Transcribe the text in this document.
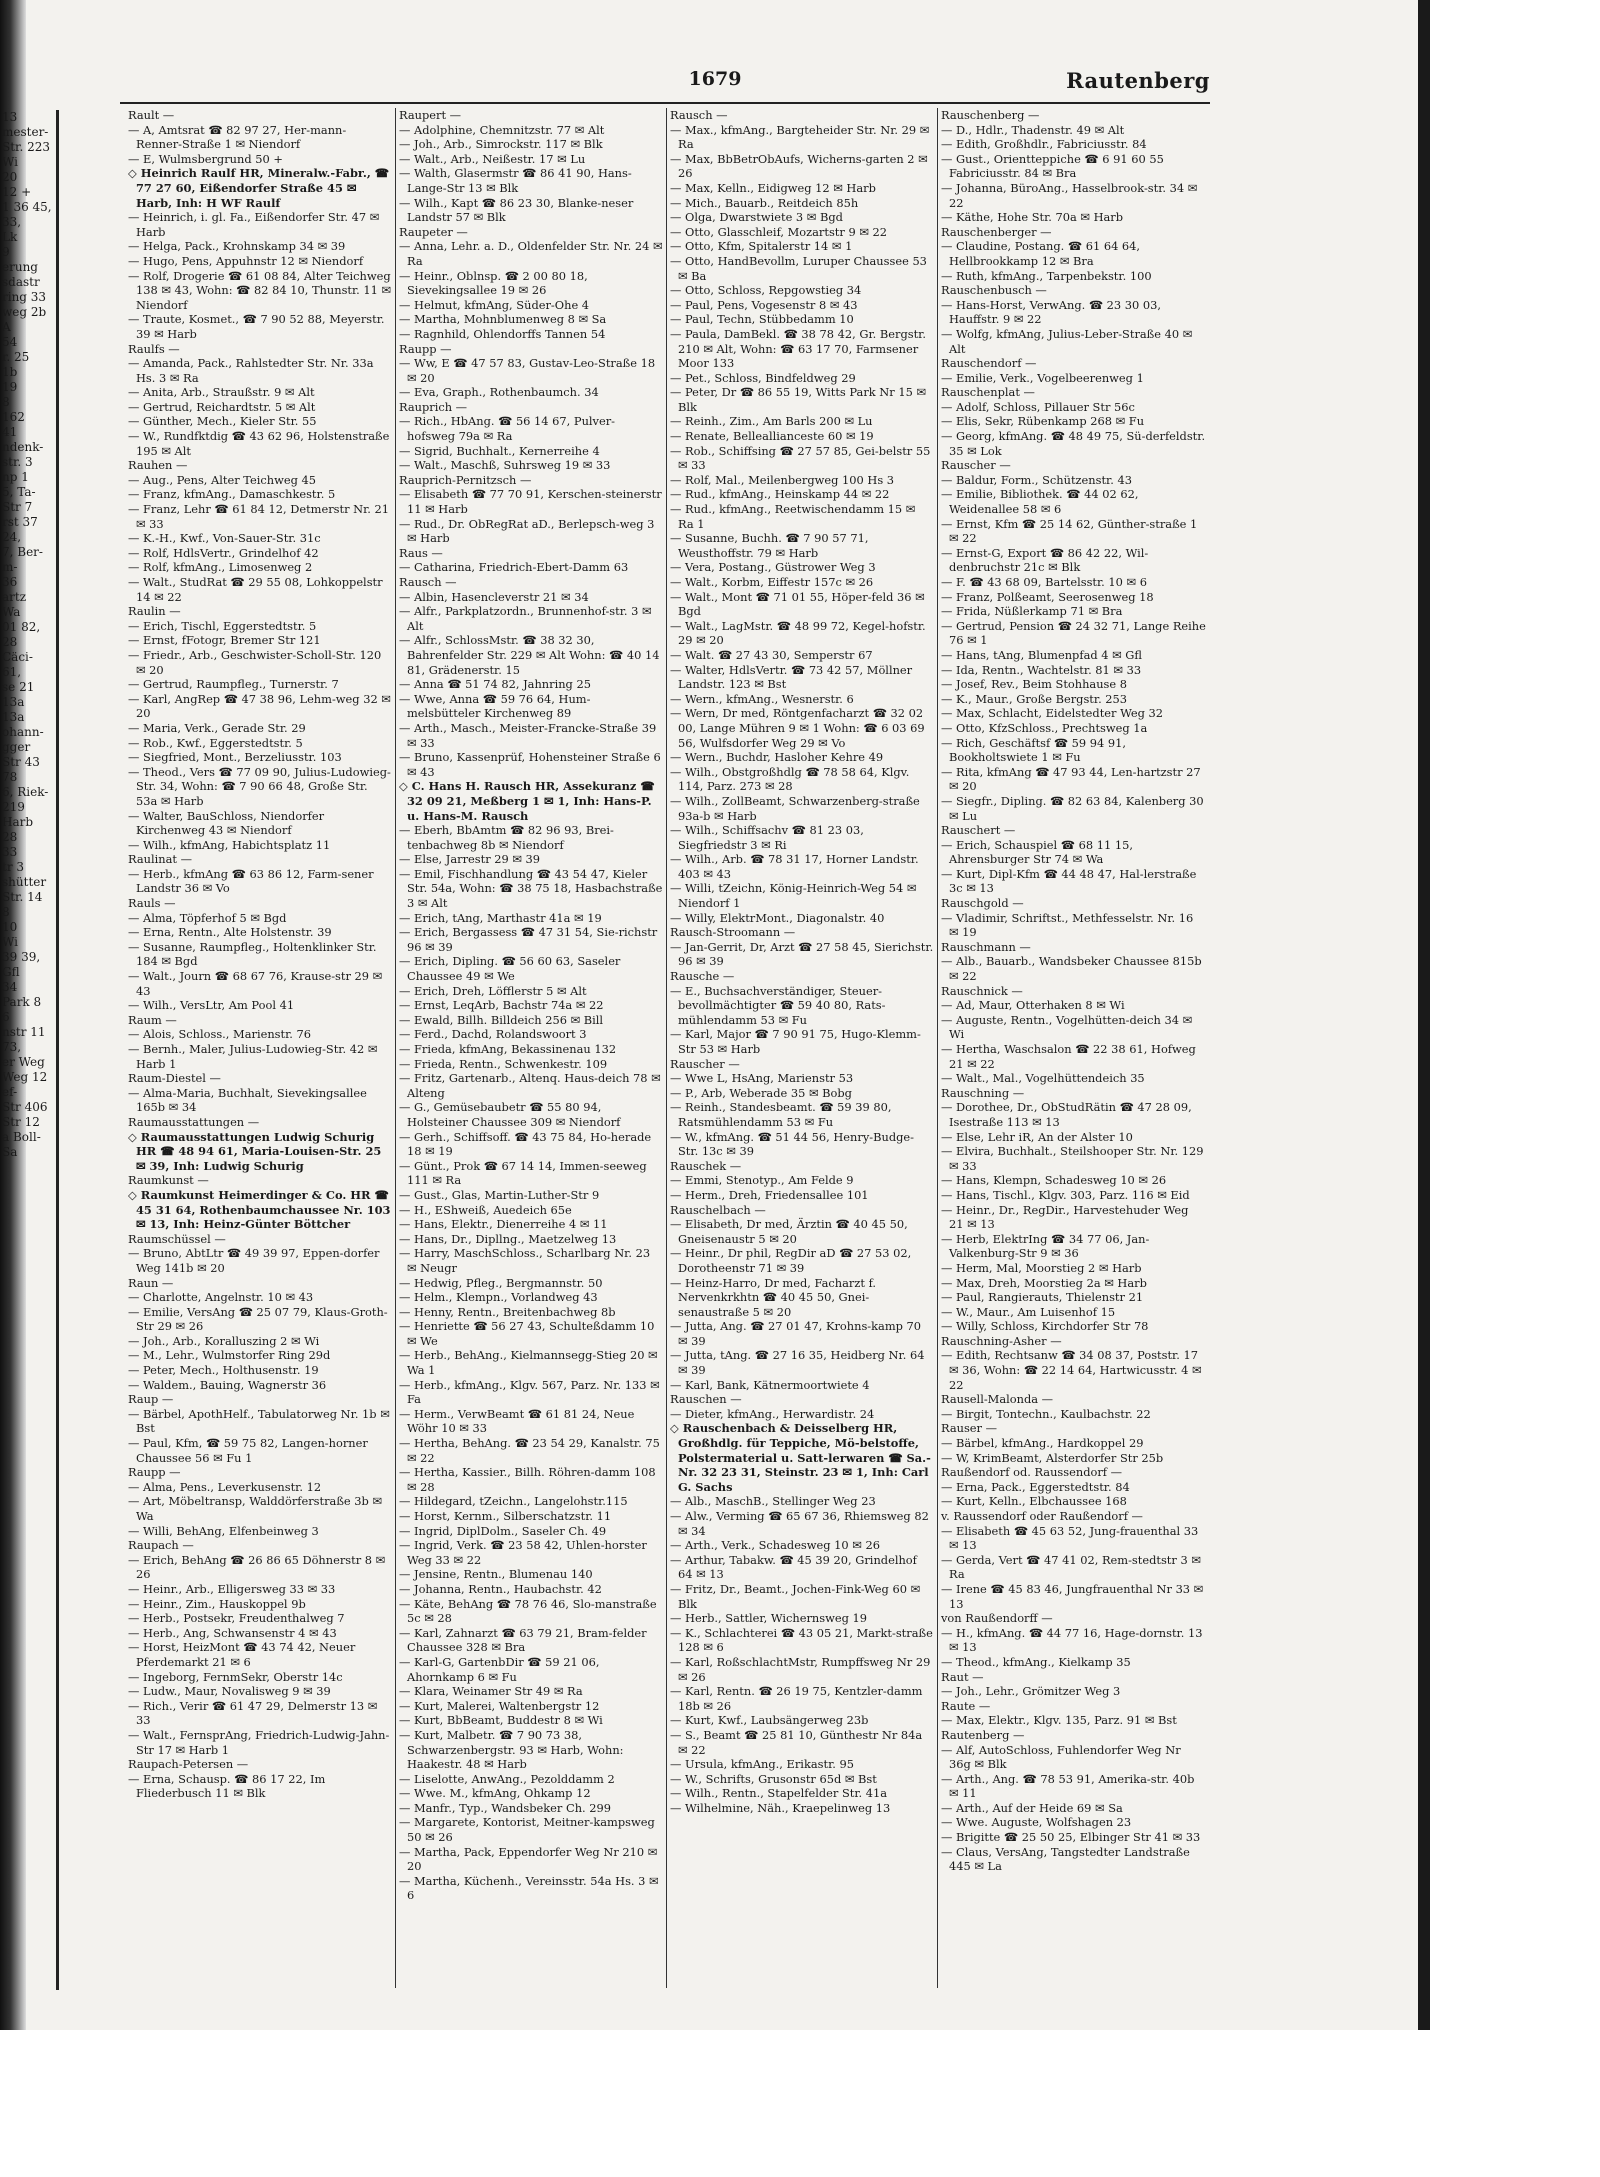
13
mester-
Str. 223
Wi
20
12 +
1 36 45,
33,
Lk
9
erung
sdastr
ring 33
weg 2b
A
54
r. 25
1b
19
8
162
41
ndenk-
str. 3
np 1
5, Ta-
Str 7
rst 37
24,
7, Ber-
m-
36
artz
Wa
01 82,
28
Cäci-
61,
se 21
13a
13a
ohann-
gger
Str 43
78
6, Riek-
219
Harb
28
33
tr 3
shütter
Str. 14
8
10
Wi
39 39,
Gfl
34
Park 8
6
nstr 11
73,
er Weg
Weg 12
ef-
Str 406
Str 12
a Boll-
Sa
1679	Rautenberg

Rault —

— A, Amtsrat ☎ 82 97 27, Her-mann-Renner-Straße 1 ✉ Niendorf

— E, Wulmsbergrund 50 +

◇ Heinrich Raulf HR, Mineralw.-Fabr., ☎ 77 27 60, Eißendorfer Straße 45 ✉ Harb, Inh: H WF Raulf

— Heinrich, i. gl. Fa., Eißendorfer Str. 47 ✉ Harb

— Helga, Pack., Krohnskamp 34 ✉ 39

— Hugo, Pens, Appuhnstr 12 ✉ Niendorf

— Rolf, Drogerie ☎ 61 08 84, Alter Teichweg 138 ✉ 43, Wohn: ☎ 82 84 10, Thunstr. 11 ✉ Niendorf

— Traute, Kosmet., ☎ 7 90 52 88, Meyerstr. 39 ✉ Harb

Raulfs —

— Amanda, Pack., Rahlstedter Str. Nr. 33a Hs. 3 ✉ Ra

— Anita, Arb., Straußstr. 9 ✉ Alt

— Gertrud, Reichardtstr. 5 ✉ Alt

— Günther, Mech., Kieler Str. 55

— W., Rundfktdig ☎ 43 62 96, Holstenstraße 195 ✉ Alt

Rauhen —

— Aug., Pens, Alter Teichweg 45

— Franz, kfmAng., Damaschkestr. 5

— Franz, Lehr ☎ 61 84 12, Detmerstr Nr. 21 ✉ 33

— K.-H., Kwf., Von-Sauer-Str. 31c

— Rolf, HdlsVertr., Grindelhof 42

— Rolf, kfmAng., Limosenweg 2

— Walt., StudRat ☎ 29 55 08, Lohkoppelstr 14 ✉ 22

Raulin —

— Erich, Tischl, Eggerstedtstr. 5

— Ernst, fFotogr, Bremer Str 121

— Friedr., Arb., Geschwister-Scholl-Str. 120 ✉ 20

— Gertrud, Raumpfleg., Turnerstr. 7

— Karl, AngRep ☎ 47 38 96, Lehm-weg 32 ✉ 20

— Maria, Verk., Gerade Str. 29

— Rob., Kwf., Eggerstedtstr. 5

— Siegfried, Mont., Berzeliusstr. 103

— Theod., Vers ☎ 77 09 90, Julius-Ludowieg-Str. 34, Wohn: ☎ 7 90 66 48, Große Str. 53a ✉ Harb

— Walter, BauSchloss, Niendorfer Kirchenweg 43 ✉ Niendorf

— Wilh., kfmAng, Habichtsplatz 11

Raulinat —

— Herb., kfmAng ☎ 63 86 12, Farm-sener Landstr 36 ✉ Vo

Rauls —

— Alma, Töpferhof 5 ✉ Bgd

— Erna, Rentn., Alte Holstenstr. 39

— Susanne, Raumpfleg., Holtenklinker Str. 184 ✉ Bgd

— Walt., Journ ☎ 68 67 76, Krause-str 29 ✉ 43

— Wilh., VersLtr, Am Pool 41

Raum —

— Alois, Schloss., Marienstr. 76

— Bernh., Maler, Julius-Ludowieg-Str. 42 ✉ Harb 1

Raum-Diestel —

— Alma-Maria, Buchhalt, Sievekingsallee 165b ✉ 34

Raumausstattungen —

◇ Raumausstattungen Ludwig Schurig HR ☎ 48 94 61, Maria-Louisen-Str. 25 ✉ 39, Inh: Ludwig Schurig

Raumkunst —

◇ Raumkunst Heimerdinger & Co. HR ☎ 45 31 64, Rothenbaumchaussee Nr. 103 ✉ 13, Inh: Heinz-Günter Böttcher

Raumschüssel —

— Bruno, AbtLtr ☎ 49 39 97, Eppen-dorfer Weg 141b ✉ 20

Raun —

— Charlotte, Angelnstr. 10 ✉ 43

— Emilie, VersAng ☎ 25 07 79, Klaus-Groth-Str 29 ✉ 26

— Joh., Arb., Koralluszing 2 ✉ Wi

— M., Lehr., Wulmstorfer Ring 29d

— Peter, Mech., Holthusenstr. 19

— Waldem., Bauing, Wagnerstr 36

Raup —

— Bärbel, ApothHelf., Tabulatorweg Nr. 1b ✉ Bst

— Paul, Kfm, ☎ 59 75 82, Langen-horner Chaussee 56 ✉ Fu 1

Raupp —

— Alma, Pens., Leverkusenstr. 12

— Art, Möbeltransp, Walddörferstraße 3b ✉ Wa

— Willi, BehAng, Elfenbeinweg 3

Raupach —

— Erich, BehAng ☎ 26 86 65 Döhnerstr 8 ✉ 26

— Heinr., Arb., Elligersweg 33 ✉ 33

— Heinr., Zim., Hauskoppel 9b

— Herb., Postsekr, Freudenthalweg 7

— Herb., Ang, Schwansenstr 4 ✉ 43

— Horst, HeizMont ☎ 43 74 42, Neuer Pferdemarkt 21 ✉ 6

— Ingeborg, FernmSekr, Oberstr 14c

— Ludw., Maur, Novalisweg 9 ✉ 39

— Rich., Verir ☎ 61 47 29, Delmerstr 13 ✉ 33

— Walt., FernsprAng, Friedrich-Ludwig-Jahn-Str 17 ✉ Harb 1

Raupach-Petersen —

— Erna, Schausp. ☎ 86 17 22, Im Fliederbusch 11 ✉ Blk

Raupert —

— Adolphine, Chemnitzstr. 77 ✉ Alt

— Joh., Arb., Simrockstr. 117 ✉ Blk

— Walt., Arb., Neißestr. 17 ✉ Lu

— Walth, Glasermstr ☎ 86 41 90, Hans-Lange-Str 13 ✉ Blk

— Wilh., Kapt ☎ 86 23 30, Blanke-neser Landstr 57 ✉ Blk

Raupeter —

— Anna, Lehr. a. D., Oldenfelder Str. Nr. 24 ✉ Ra

— Heinr., Oblnsp. ☎ 2 00 80 18, Sievekingsallee 19 ✉ 26

— Helmut, kfmAng, Süder-Ohe 4

— Martha, Mohnblumenweg 8 ✉ Sa

— Ragnhild, Ohlendorffs Tannen 54

Raupp —

— Ww, E ☎ 47 57 83, Gustav-Leo-Straße 18 ✉ 20

— Eva, Graph., Rothenbaumch. 34

Rauprich —

— Rich., HbAng. ☎ 56 14 67, Pulver-hofsweg 79a ✉ Ra

— Sigrid, Buchhalt., Kernerreihe 4

— Walt., Maschß, Suhrsweg 19 ✉ 33

Rauprich-Pernitzsch —

— Elisabeth ☎ 77 70 91, Kerschen-steinerstr 11 ✉ Harb

— Rud., Dr. ObRegRat aD., Berlepsch-weg 3 ✉ Harb

Raus —

— Catharina, Friedrich-Ebert-Damm 63

Rausch —

— Albin, Hasencleverstr 21 ✉ 34

— Alfr., Parkplatzordn., Brunnenhof-str. 3 ✉ Alt

— Alfr., SchlossMstr. ☎ 38 32 30, Bahrenfelder Str. 229 ✉ Alt Wohn: ☎ 40 14 81, Grädenerstr. 15

— Anna ☎ 51 74 82, Jahnring 25

— Wwe, Anna ☎ 59 76 64, Hum-melsbütteler Kirchenweg 89

— Arth., Masch., Meister-Francke-Straße 39 ✉ 33

— Bruno, Kassenprüf, Hohensteiner Straße 6 ✉ 43

◇ C. Hans H. Rausch HR, Assekuranz ☎ 32 09 21, Meßberg 1 ✉ 1, Inh: Hans-P. u. Hans-M. Rausch

— Eberh, BbAmtm ☎ 82 96 93, Brei-tenbachweg 8b ✉ Niendorf

— Else, Jarrestr 29 ✉ 39

— Emil, Fischhandlung ☎ 43 54 47, Kieler Str. 54a, Wohn: ☎ 38 75 18, Hasbachstraße 3 ✉ Alt

— Erich, tAng, Marthastr 41a ✉ 19

— Erich, Bergassess ☎ 47 31 54, Sie-richstr 96 ✉ 39

— Erich, Dipling. ☎ 56 60 63, Saseler Chaussee 49 ✉ We

— Erich, Dreh, Löfflerstr 5 ✉ Alt

— Ernst, LeqArb, Bachstr 74a ✉ 22

— Ewald, Billh. Billdeich 256 ✉ Bill

— Ferd., Dachd, Rolandswoort 3

— Frieda, kfmAng, Bekassinenau 132

— Frieda, Rentn., Schwenkestr. 109

— Fritz, Gartenarb., Altenq. Haus-deich 78 ✉ Alteng

— G., Gemüsebaubetr ☎ 55 80 94, Holsteiner Chaussee 309 ✉ Niendorf

— Gerh., Schiffsoff. ☎ 43 75 84, Ho-herade 18 ✉ 19

— Günt., Prok ☎ 67 14 14, Immen-seeweg 111 ✉ Ra

— Gust., Glas, Martin-Luther-Str 9

— H., EShweiß, Auedeich 65e

— Hans, Elektr., Dienerreihe 4 ✉ 11

— Hans, Dr., Dipllng., Maetzelweg 13

— Harry, MaschSchloss., Scharlbarg Nr. 23 ✉ Neugr

— Hedwig, Pfleg., Bergmannstr. 50

— Helm., Klempn., Vorlandweg 43

— Henny, Rentn., Breitenbachweg 8b

— Henriette ☎ 56 27 43, Schulteßdamm 10 ✉ We

— Herb., BehAng., Kielmannsegg-Stieg 20 ✉ Wa 1

— Herb., kfmAng., Klgv. 567, Parz. Nr. 133 ✉ Fa

— Herm., VerwBeamt ☎ 61 81 24, Neue Wöhr 10 ✉ 33

— Hertha, BehAng. ☎ 23 54 29, Kanalstr. 75 ✉ 22

— Hertha, Kassier., Billh. Röhren-damm 108 ✉ 28

— Hildegard, tZeichn., Langelohstr.115

— Horst, Kernm., Silberschatzstr. 11

— Ingrid, DiplDolm., Saseler Ch. 49

— Ingrid, Verk. ☎ 23 58 42, Uhlen-horster Weg 33 ✉ 22

— Jensine, Rentn., Blumenau 140

— Johanna, Rentn., Haubachstr. 42

— Käte, BehAng ☎ 78 76 46, Slo-manstraße 5c ✉ 28

— Karl, Zahnarzt ☎ 63 79 21, Bram-felder Chaussee 328 ✉ Bra

— Karl-G, GartenbDir ☎ 59 21 06, Ahornkamp 6 ✉ Fu

— Klara, Weinamer Str 49 ✉ Ra

— Kurt, Malerei, Waltenbergstr 12

— Kurt, BbBeamt, Buddestr 8 ✉ Wi

— Kurt, Malbetr. ☎ 7 90 73 38, Schwarzenbergstr. 93 ✉ Harb, Wohn: Haakestr. 48 ✉ Harb

— Liselotte, AnwAng., Pezolddamm 2

— Wwe. M., kfmAng, Ohkamp 12

— Manfr., Typ., Wandsbeker Ch. 299

— Margarete, Kontorist, Meitner-kampsweg 50 ✉ 26

— Martha, Pack, Eppendorfer Weg Nr 210 ✉ 20

— Martha, Küchenh., Vereinsstr. 54a Hs. 3 ✉ 6

Rausch —

— Max., kfmAng., Bargteheider Str. Nr. 29 ✉ Ra

— Max, BbBetrObAufs, Wicherns-garten 2 ✉ 26

— Max, Kelln., Eidigweg 12 ✉ Harb

— Mich., Bauarb., Reitdeich 85h

— Olga, Dwarstwiete 3 ✉ Bgd

— Otto, Glasschleif, Mozartstr 9 ✉ 22

— Otto, Kfm, Spitalerstr 14 ✉ 1

— Otto, HandBevollm, Luruper Chaussee 53 ✉ Ba

— Otto, Schloss, Repgowstieg 34

— Paul, Pens, Vogesenstr 8 ✉ 43

— Paul, Techn, Stübbedamm 10

— Paula, DamBekl. ☎ 38 78 42, Gr. Bergstr. 210 ✉ Alt, Wohn: ☎ 63 17 70, Farmsener Moor 133

— Pet., Schloss, Bindfeldweg 29

— Peter, Dr ☎ 86 55 19, Witts Park Nr 15 ✉ Blk

— Reinh., Zim., Am Barls 200 ✉ Lu

— Renate, Belleallianceste 60 ✉ 19

— Rob., Schiffsing ☎ 27 57 85, Gei-belstr 55 ✉ 33

— Rolf, Mal., Meilenbergweg 100 Hs 3

— Rud., kfmAng., Heinskamp 44 ✉ 22

— Rud., kfmAng., Reetwischendamm 15 ✉ Ra 1

— Susanne, Buchh. ☎ 7 90 57 71, Weusthoffstr. 79 ✉ Harb

— Vera, Postang., Güstrower Weg 3

— Walt., Korbm, Eiffestr 157c ✉ 26

— Walt., Mont ☎ 71 01 55, Höper-feld 36 ✉ Bgd

— Walt., LagMstr. ☎ 48 99 72, Kegel-hofstr. 29 ✉ 20

— Walt. ☎ 27 43 30, Semperstr 67

— Walter, HdlsVertr. ☎ 73 42 57, Möllner Landstr. 123 ✉ Bst

— Wern., kfmAng., Wesnerstr. 6

— Wern, Dr med, Röntgenfacharzt ☎ 32 02 00, Lange Mühren 9 ✉ 1 Wohn: ☎ 6 03 69 56, Wulfsdorfer Weg 29 ✉ Vo

— Wern., Buchdr, Hasloher Kehre 49

— Wilh., Obstgroßhdlg ☎ 78 58 64, Klgv. 114, Parz. 273 ✉ 28

— Wilh., ZollBeamt, Schwarzenberg-straße 93a-b ✉ Harb

— Wilh., Schiffsachv ☎ 81 23 03, Siegfriedstr 3 ✉ Ri

— Wilh., Arb. ☎ 78 31 17, Horner Landstr. 403 ✉ 43

— Willi, tZeichn, König-Heinrich-Weg 54 ✉ Niendorf 1

— Willy, ElektrMont., Diagonalstr. 40

Rausch-Stroomann —

— Jan-Gerrit, Dr, Arzt ☎ 27 58 45, Sierichstr. 96 ✉ 39

Rausche —

— E., Buchsachverständiger, Steuer-bevollmächtigter ☎ 59 40 80, Rats-mühlendamm 53 ✉ Fu

— Karl, Major ☎ 7 90 91 75, Hugo-Klemm-Str 53 ✉ Harb

Rauscher —

— Wwe L, HsAng, Marienstr 53

— P., Arb, Weberade 35 ✉ Bobg

— Reinh., Standesbeamt. ☎ 59 39 80, Ratsmühlendamm 53 ✉ Fu

— W., kfmAng. ☎ 51 44 56, Henry-Budge-Str. 13c ✉ 39

Rauschek —

— Emmi, Stenotyp., Am Felde 9

— Herm., Dreh, Friedensallee 101

Rauschelbach —

— Elisabeth, Dr med, Ärztin ☎ 40 45 50, Gneisenaustr 5 ✉ 20

— Heinr., Dr phil, RegDir aD ☎ 27 53 02, Dorotheenstr 71 ✉ 39

— Heinz-Harro, Dr med, Facharzt f. Nervenkrkhtn ☎ 40 45 50, Gnei-senaustraße 5 ✉ 20

— Jutta, Ang. ☎ 27 01 47, Krohns-kamp 70 ✉ 39

— Jutta, tAng. ☎ 27 16 35, Heidberg Nr. 64 ✉ 39

— Karl, Bank, Kätnermoortwiete 4

Rauschen —

— Dieter, kfmAng., Herwardistr. 24

◇ Rauschenbach & Deisselberg HR, Großhdlg. für Teppiche, Mö-belstoffe, Polstermaterial u. Satt-lerwaren ☎ Sa.-Nr. 32 23 31, Steinstr. 23 ✉ 1, Inh: Carl G. Sachs

— Alb., MaschB., Stellinger Weg 23

— Alw., Verming ☎ 65 67 36, Rhiemsweg 82 ✉ 34

— Arth., Verk., Schadesweg 10 ✉ 26

— Arthur, Tabakw. ☎ 45 39 20, Grindelhof 64 ✉ 13

— Fritz, Dr., Beamt., Jochen-Fink-Weg 60 ✉ Blk

— Herb., Sattler, Wichernsweg 19

— K., Schlachterei ☎ 43 05 21, Markt-straße 128 ✉ 6

— Karl, RoßschlachtMstr, Rumpffsweg Nr 29 ✉ 26

— Karl, Rentn. ☎ 26 19 75, Kentzler-damm 18b ✉ 26

— Kurt, Kwf., Laubsängerweg 23b

— S., Beamt ☎ 25 81 10, Günthestr Nr 84a ✉ 22

— Ursula, kfmAng., Erikastr. 95

— W., Schrifts, Grusonstr 65d ✉ Bst

— Wilh., Rentn., Stapelfelder Str. 41a

— Wilhelmine, Näh., Kraepelinweg 13

Rauschenberg —

— D., Hdlr., Thadenstr. 49 ✉ Alt

— Edith, Großhdlr., Fabriciusstr. 84

— Gust., Orientteppiche ☎ 6 91 60 55 Fabriciusstr. 84 ✉ Bra

— Johanna, BüroAng., Hasselbrook-str. 34 ✉ 22

— Käthe, Hohe Str. 70a ✉ Harb

Rauschenberger —

— Claudine, Postang. ☎ 61 64 64, Hellbrookkamp 12 ✉ Bra

— Ruth, kfmAng., Tarpenbekstr. 100

Rauschenbusch —

— Hans-Horst, VerwAng. ☎ 23 30 03, Hauffstr. 9 ✉ 22

— Wolfg, kfmAng, Julius-Leber-Straße 40 ✉ Alt

Rauschendorf —

— Emilie, Verk., Vogelbeerenweg 1

Rauschenplat —

— Adolf, Schloss, Pillauer Str 56c

— Elis, Sekr, Rübenkamp 268 ✉ Fu

— Georg, kfmAng. ☎ 48 49 75, Sü-derfeldstr. 35 ✉ Lok

Rauscher —

— Baldur, Form., Schützenstr. 43

— Emilie, Bibliothek. ☎ 44 02 62, Weidenallee 58 ✉ 6

— Ernst, Kfm ☎ 25 14 62, Günther-straße 1 ✉ 22

— Ernst-G, Export ☎ 86 42 22, Wil-denbruchstr 21c ✉ Blk

— F. ☎ 43 68 09, Bartelsstr. 10 ✉ 6

— Franz, Polßeamt, Seerosenweg 18

— Frida, Nüßlerkamp 71 ✉ Bra

— Gertrud, Pension ☎ 24 32 71, Lange Reihe 76 ✉ 1

— Hans, tAng, Blumenpfad 4 ✉ Gfl

— Ida, Rentn., Wachtelstr. 81 ✉ 33

— Josef, Rev., Beim Stohhause 8

— K., Maur., Große Bergstr. 253

— Max, Schlacht, Eidelstedter Weg 32

— Otto, KfzSchloss., Prechtsweg 1a

— Rich, Geschäftsf ☎ 59 94 91, Bookholtswiete 1 ✉ Fu

— Rita, kfmAng ☎ 47 93 44, Len-hartzstr 27 ✉ 20

— Siegfr., Dipling. ☎ 82 63 84, Kalenberg 30 ✉ Lu

Rauschert —

— Erich, Schauspiel ☎ 68 11 15, Ahrensburger Str 74 ✉ Wa

— Kurt, Dipl-Kfm ☎ 44 48 47, Hal-lerstraße 3c ✉ 13

Rauschgold —

— Vladimir, Schriftst., Methfesselstr. Nr. 16 ✉ 19

Rauschmann —

— Alb., Bauarb., Wandsbeker Chaussee 815b ✉ 22

Rauschnick —

— Ad, Maur, Otterhaken 8 ✉ Wi

— Auguste, Rentn., Vogelhütten-deich 34 ✉ Wi

— Hertha, Waschsalon ☎ 22 38 61, Hofweg 21 ✉ 22

— Walt., Mal., Vogelhüttendeich 35

Rauschning —

— Dorothee, Dr., ObStudRätin ☎ 47 28 09, Isestraße 113 ✉ 13

— Else, Lehr iR, An der Alster 10

— Elvira, Buchhalt., Steilshooper Str. Nr. 129 ✉ 33

— Hans, Klempn, Schadesweg 10 ✉ 26

— Hans, Tischl., Klgv. 303, Parz. 116 ✉ Eid

— Heinr., Dr., RegDir., Harvestehuder Weg 21 ✉ 13

— Herb, ElektrIng ☎ 34 77 06, Jan-Valkenburg-Str 9 ✉ 36

— Herm, Mal, Moorstieg 2 ✉ Harb

— Max, Dreh, Moorstieg 2a ✉ Harb

— Paul, Rangierauts, Thielenstr 21

— W., Maur., Am Luisenhof 15

— Willy, Schloss, Kirchdorfer Str 78

Rauschning-Asher —

— Edith, Rechtsanw ☎ 34 08 37, Poststr. 17 ✉ 36, Wohn: ☎ 22 14 64, Hartwicusstr. 4 ✉ 22

Rausell-Malonda —

— Birgit, Tontechn., Kaulbachstr. 22

Rauser —

— Bärbel, kfmAng., Hardkoppel 29

— W, KrimBeamt, Alsterdorfer Str 25b

Raußendorf od. Raussendorf —

— Erna, Pack., Eggerstedtstr. 84

— Kurt, Kelln., Elbchaussee 168

v. Raussendorf oder Raußendorf —

— Elisabeth ☎ 45 63 52, Jung-frauenthal 33 ✉ 13

— Gerda, Vert ☎ 47 41 02, Rem-stedtstr 3 ✉ Ra

— Irene ☎ 45 83 46, Jungfrauenthal Nr 33 ✉ 13

von Raußendorff —

— H., kfmAng. ☎ 44 77 16, Hage-dornstr. 13 ✉ 13

— Theod., kfmAng., Kielkamp 35

Raut —

— Joh., Lehr., Grömitzer Weg 3

Raute —

— Max, Elektr., Klgv. 135, Parz. 91 ✉ Bst

Rautenberg —

— Alf, AutoSchloss, Fuhlendorfer Weg Nr 36g ✉ Blk

— Arth., Ang. ☎ 78 53 91, Amerika-str. 40b ✉ 11

— Arth., Auf der Heide 69 ✉ Sa

— Wwe. Auguste, Wolfshagen 23

— Brigitte ☎ 25 50 25, Elbinger Str 41 ✉ 33

— Claus, VersAng, Tangstedter Landstraße 445 ✉ La
